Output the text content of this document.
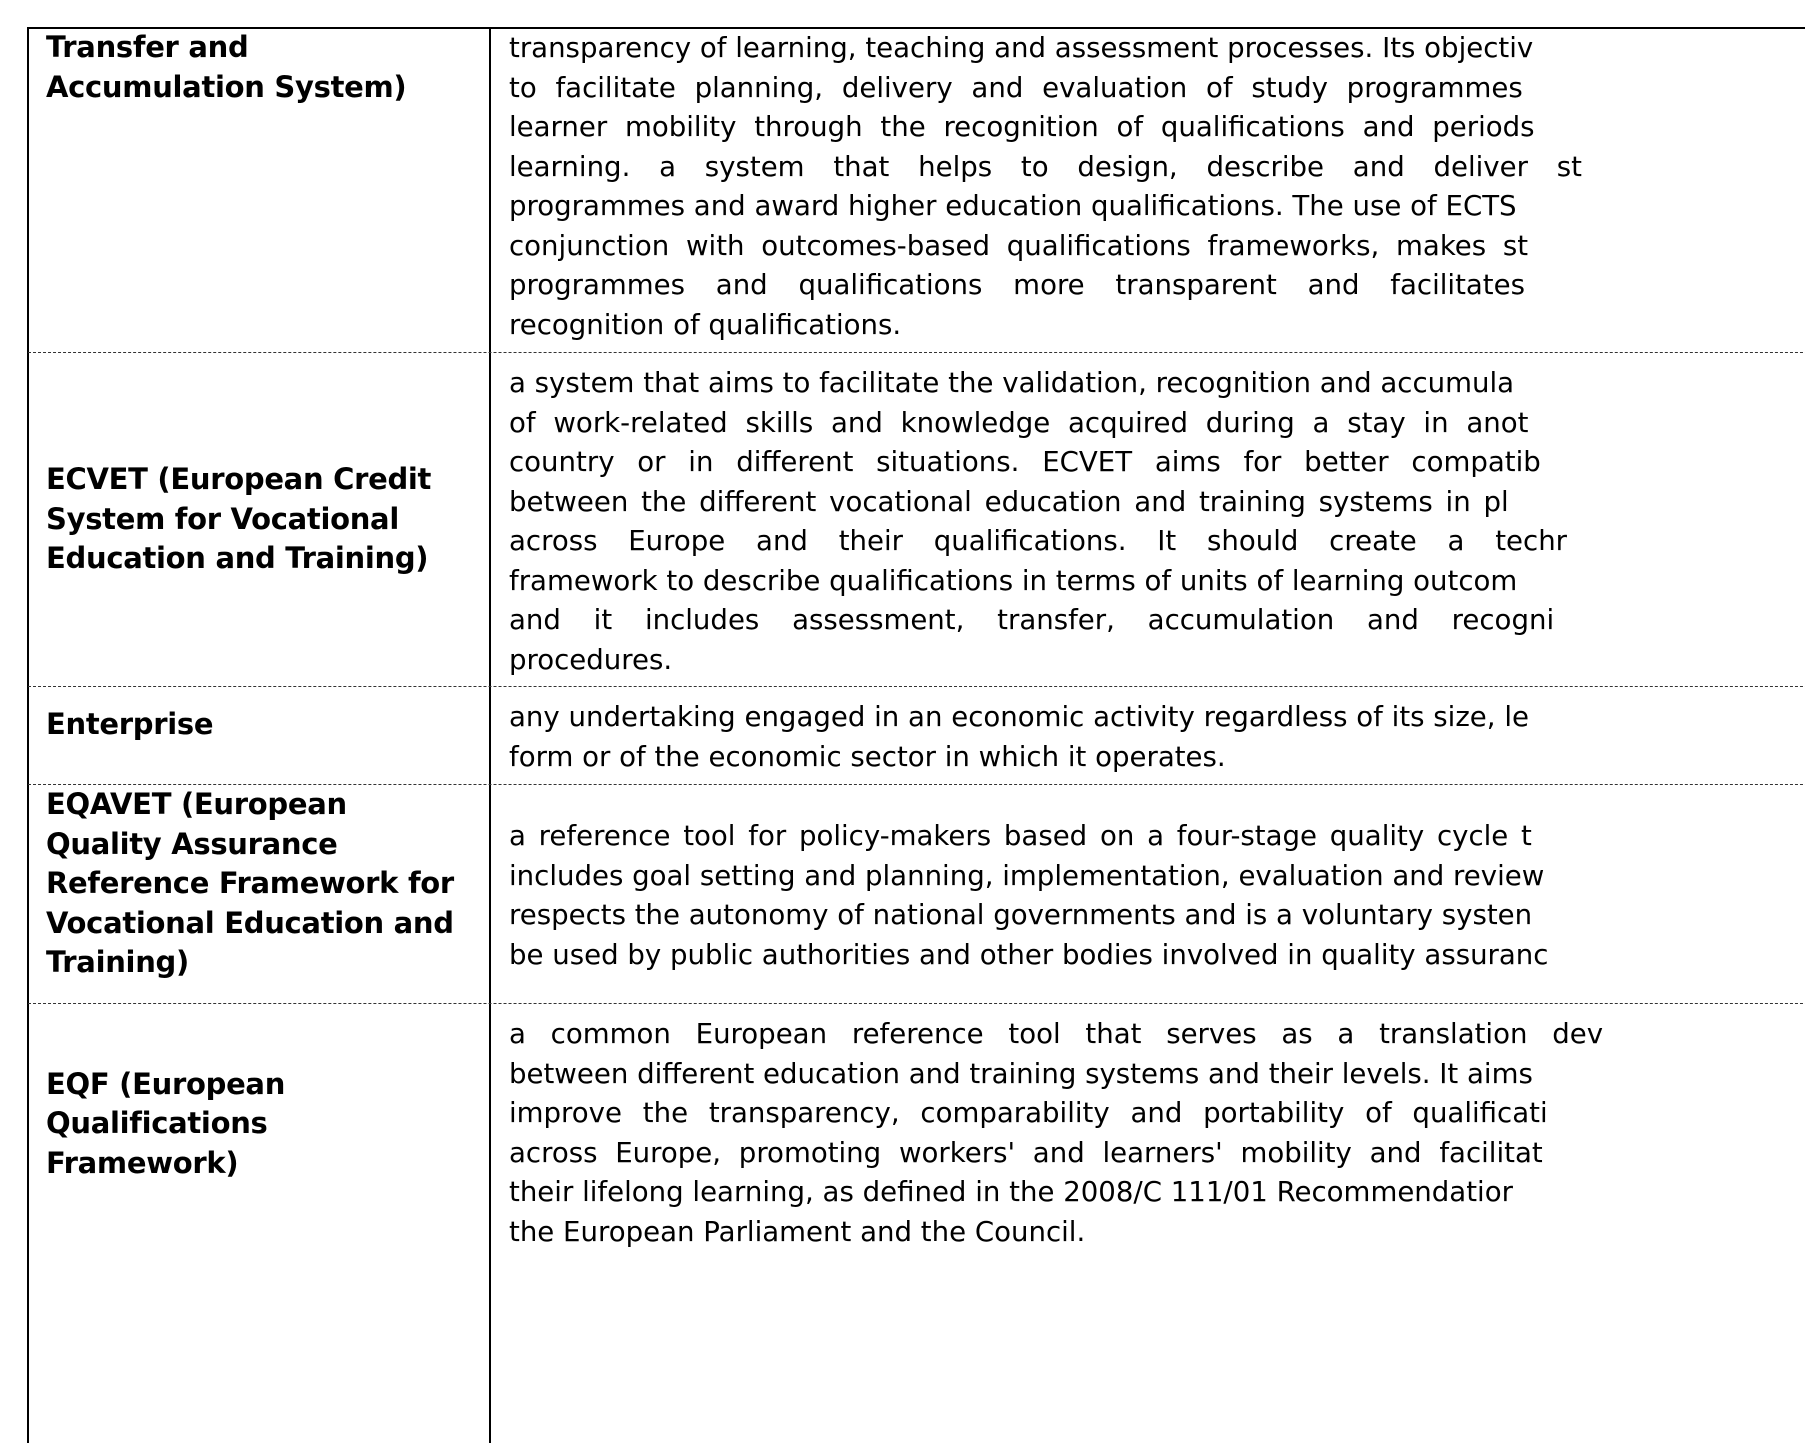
Transfer and
Accumulation System)
transparency of learning, teaching and assessment processes. Its objectiv
to facilitate planning, delivery and evaluation of study programmes
learner mobility through the recognition of qualifications and periods
learning. a system that helps to design, describe and deliver st
programmes and award higher education qualifications. The use of ECTS
conjunction with outcomes-based qualifications frameworks, makes st
programmes and qualifications more transparent and facilitates
recognition of qualifications.
ECVET (European Credit
System for Vocational
Education and Training)
a system that aims to facilitate the validation, recognition and accumula
of work-related skills and knowledge acquired during a stay in anot
country or in different situations. ECVET aims for better compatib
between the different vocational education and training systems in pl
across Europe and their qualifications. It should create a techr
framework to describe qualifications in terms of units of learning outcom
and it includes assessment, transfer, accumulation and recogni
procedures.
Enterprise	any undertaking engaged in an economic activity regardless of its size, le
form or of the economic sector in which it operates.
EQAVET (European
Quality Assurance
Reference Framework for
Vocational Education and
Training)
a reference tool for policy-makers based on a four-stage quality cycle t
includes goal setting and planning, implementation, evaluation and review
respects the autonomy of national governments and is a voluntary systen
be used by public authorities and other bodies involved in quality assuranc
EQF (European
Qualifications
Framework)
a common European reference tool that serves as a translation dev
between different education and training systems and their levels. It aims
improve the transparency, comparability and portability of qualificati
across Europe, promoting workers' and learners' mobility and facilitat
their lifelong learning, as defined in the 2008/C 111/01 Recommendatior
the European Parliament and the Council.
